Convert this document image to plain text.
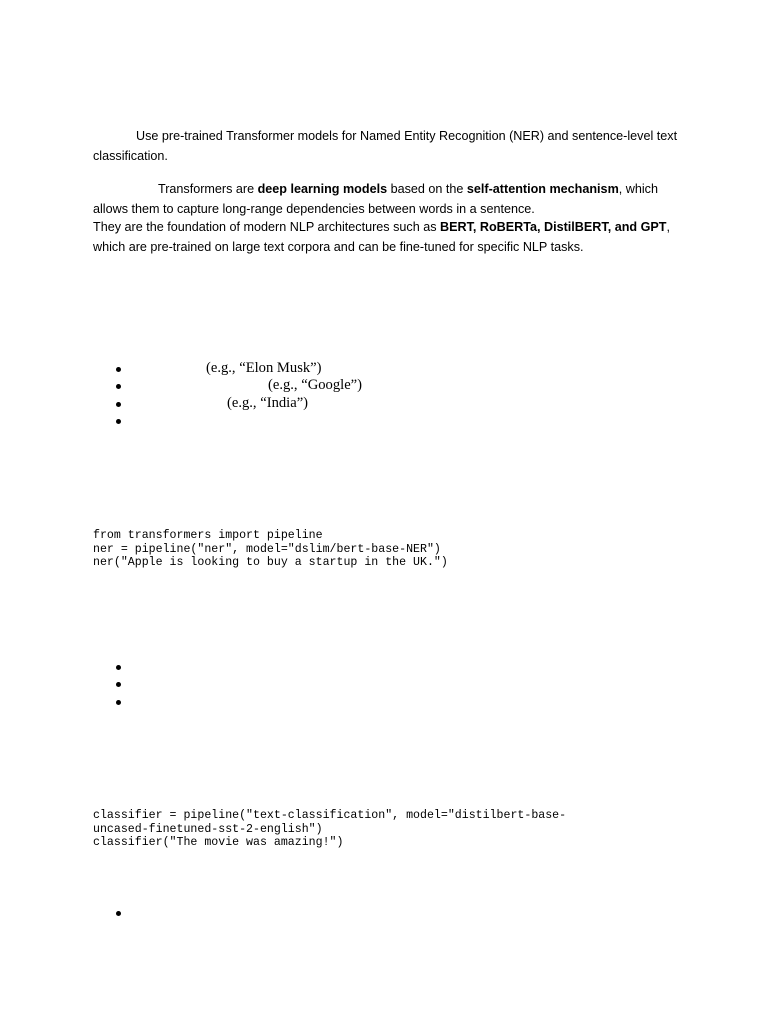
Use pre-trained Transformer models for Named Entity Recognition (NER) and sentence-level text classification.

Transformers are deep learning models based on the self-attention mechanism, which allows them to capture long-range dependencies between words in a sentence.

They are the foundation of modern NLP architectures such as BERT, RoBERTa, DistilBERT, and GPT, which are pre-trained on large text corpora and can be fine-tuned for specific NLP tasks.

(e.g., “Elon Musk”)
(e.g., “Google”)
(e.g., “India”)
from transformers import pipeline
ner = pipeline("ner", model="dslim/bert-base-NER")
ner("Apple is looking to buy a startup in the UK.")
classifier = pipeline("text-classification", model="distilbert-base-
uncased-finetuned-sst-2-english")
classifier("The movie was amazing!")
